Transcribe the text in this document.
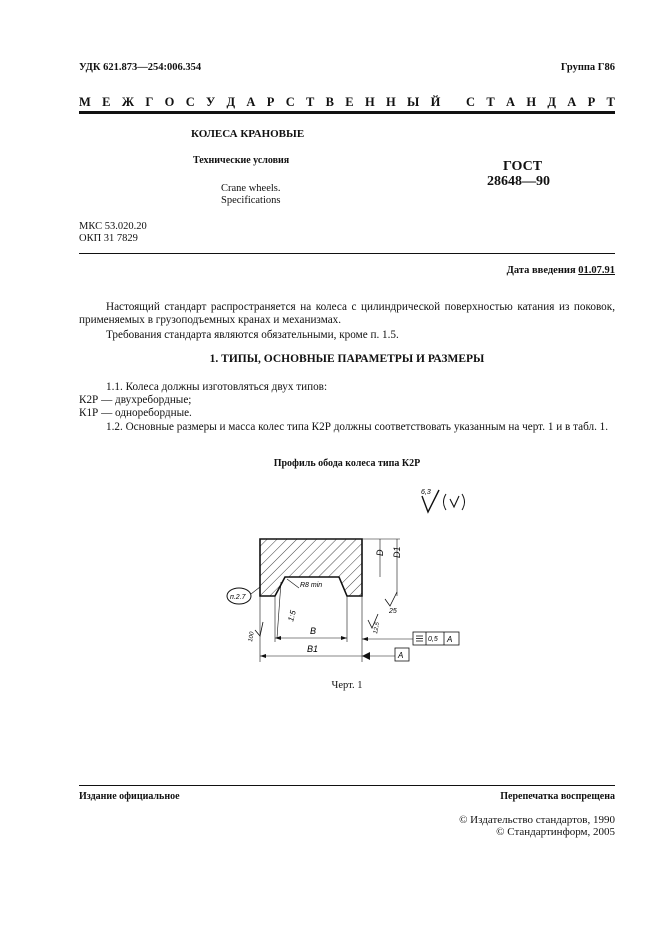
УДК 621.873—254:006.354	Группа Г86
М Е Ж Г О С У Д А Р С Т В Е Н Н Ы Й
С Т А Н Д А Р Т
КОЛЕСА КРАНОВЫЕ
Технические условия
Crane wheels.
Specifications
ГОСТ
28648—90
МКС 53.020.20
ОКП 31 7829
Дата введения 01.07.91
Настоящий стандарт распространяется на колеса с цилиндрической поверхностью катания из поковок, применяемых в грузоподъемных кранах и механизмах.
Требования стандарта являются обязательными, кроме п. 1.5.
1. ТИПЫ, ОСНОВНЫЕ ПАРАМЕТРЫ И РАЗМЕРЫ
1.1. Колеса должны изготовляться двух типов:
К2Р — двухребордные;
К1Р — одноребордные.
1.2. Основные размеры и масса колес типа К2Р должны соответствовать указанным на черт. 1 и в табл. 1.
Профиль обода колеса типа К2Р
6,3
D D1
R8 min
п.2.7
1:5	25
12,5
100
B
B1
A
0,5 A
Черт. 1
Издание официальное	Перепечатка воспрещена
© Издательство стандартов, 1990
© Стандартинформ, 2005
